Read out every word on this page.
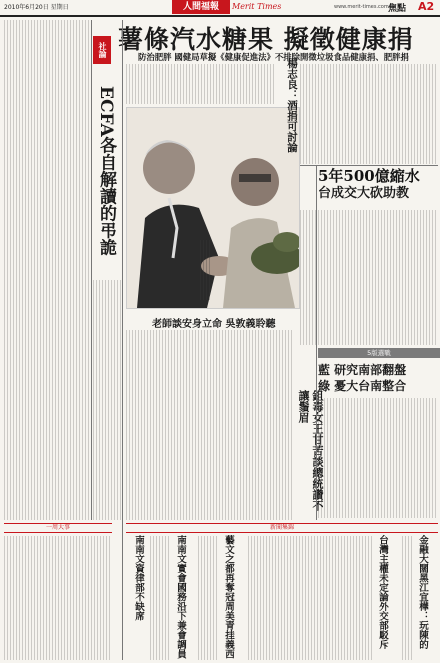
2010年6月20日 星期日	人間福報	Merit Times	www.merit-times.com.tw
焦點 A2
薯條汽水糖果 擬徵健康捐
防治肥胖 國健局草擬《健康促進法》不排除開徵垃圾食品健康捐、肥胖捐
社論
ECFA各自解讀的弔詭
老師談安身立命 吳敦義聆聽
楊志良：酒捐可討論
5年500億縮水
台成交大砍助教
5版選戰
藍 研究南部翻盤
綠 憂大台南整合
鉏毒女王甘苦談總統讚不讓鬚眉
一周大事	新聞集錦
南南文資律部不缺席	南南文實會國務沿下兼會調員
藝文之都再奪冠周美青挂義西
台灣主權未定論外交部駁斥
金融大闊黑江宜樺：玩陳的
